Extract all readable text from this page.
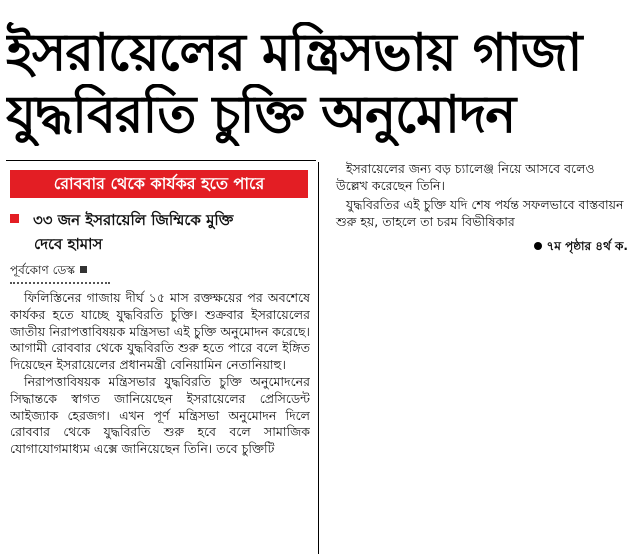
ইসরায়েলের মন্ত্রিসভায় গাজা
যুদ্ধবিরতি চুক্তি অনুমোদন
রোববার থেকে কার্যকর হতে পারে
৩৩ জন ইসরায়েলি জিম্মিকে মুক্তি
দেবে হামাস
পূর্বকোণ ডেস্ক

ফিলিস্তিনের গাজায় দীর্ঘ ১৫ মাস রক্তক্ষয়ের পর অবশেষে কার্যকর হতে যাচ্ছে যুদ্ধবিরতি চুক্তি। শুক্রবার ইসরায়েলের জাতীয় নিরাপত্তাবিষয়ক মন্ত্রিসভা এই চুক্তি অনুমোদন করেছে। আগামী রোববার থেকে যুদ্ধবিরতি শুরু হতে পারে বলে ইঙ্গিত দিয়েছেন ইসরায়েলের প্রধানমন্ত্রী বেনিয়ামিন নেতানিয়াহু।

নিরাপত্তাবিষয়ক মন্ত্রিসভার যুদ্ধবিরতি চুক্তি অনুমোদনের সিদ্ধান্তকে স্বাগত জানিয়েছেন ইসরায়েলের প্রেসিডেন্ট আইজ্যাক হেরজগ। এখন পূর্ণ মন্ত্রিসভা অনুমোদন দিলে রোববার থেকে যুদ্ধবিরতি শুরু হবে বলে সামাজিক যোগাযোগমাধ্যম এক্সে জানিয়েছেন তিনি। তবে চুক্তিটি

ইসরায়েলের জন্য বড় চ্যালেঞ্জ নিয়ে আসবে বলেও উল্লেখ করেছেন তিনি।

যুদ্ধবিরতির এই চুক্তি যদি শেষ পর্যন্ত সফলভাবে বাস্তবায়ন শুরু হয়, তাহলে তা চরম বিভীষিকার

৭ম পৃষ্ঠার ৪র্থ ক.
